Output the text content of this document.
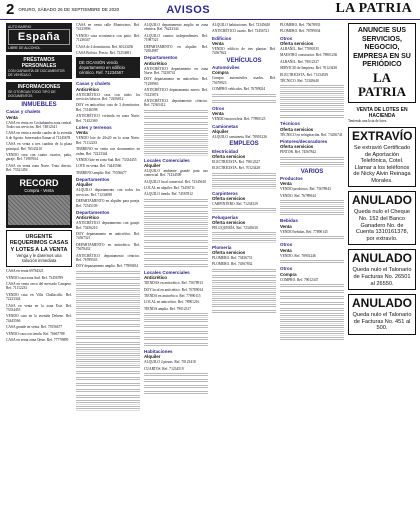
2 ORURO, SÁBADO 26 DE SEPTIEMBRE DE 2020	AVISOS	LA PATRIA
AUTO BARRIO
España
LIBRE DE ALCOHOL
PRÉSTAMOS PERSONALES
CON GARANTÍA DE DOCUMENTOS DE VEHÍCULO
INFORMACIONES
SE OTORGAN TODO TIPO DE DOCUMENTOS
INMUEBLES
Casas y chalets
Venta
CASA en venta en Cochabamba zona central. Todos sus servicios. Ref. 74812341
CASA en venta a media cuadra de la avenida 6 de Agosto. Interesados llamar al 71245678
CASA en venta a tres cuadras de la plaza principal. Ref. 76543210
VENDO casa con cuatro cuartos, patio, garaje. Ref. 71987654
CASA en venta zona Norte. Trato directo. Ref. 73321456
RECORD
Compra - Venta
URGENTE REQUERIMOS CASAS Y LOTES A LA VENTA
Venga y le daremos una solución inmediata
CASA en venta 69784321
VENDO casa zona Sud. Ref. 75456789
CASA en venta cerca del mercado Campero. Ref. 71112233
VENDO casa en Villa Challacollo. Ref. 72223344
CASA en venta en la zona Este. Ref. 73334455
VENDO casa en la avenida Dehene. Ref. 74445566
CASA grande en venta. Ref. 75556677
VENDO casa con tienda. Ref. 76667788
CASA en venta zona Oeste. Ref. 77778899
CASA en venta calle Montecinos. Ref. 74125896
VENDO casa económica con patio. Ref. 71236547
CASA de 4 dormitorios. Ref. 60123456
CASA Bolivia. Precio. Ref. 73254691
DE OCASIÓN vendo departamento en edificio céntrico. Ref. 71234567
Casas y chalets
Anticrético
ANTICRÉTICO casa con todos los servicios básicos. Ref. 72456812
DOY en anticrético casa de 3 dormitorios. Ref. 73146598
ANTICRÉTICO vivienda en zona Norte. Ref. 71452369
Lotes y terrenos
Venta
VENDO lote de 20x20 en la zona Norte. Ref. 71112233
TERRENO en venta con documentos en orden. Ref. 72223344
VENDO lote en zona Sud. Ref. 73334455
LOTE en venta. Ref. 74445566
TERRENO amplio. Ref. 75556677
Departamentos
Alquiler
ALQUILO departamento con todos los servicios. Ref. 71234098
DEPARTAMENTO en alquiler para pareja. Ref. 72345109
Departamentos
Anticrético
ANTICRÉTICO departamento con garaje. Ref. 73456210
DOY departamento en anticrético. Ref. 74567321
DEPARTAMENTO en anticrético. Ref. 75678432
ANTICRÉTICO departamento céntrico. Ref. 76789543
DOY departamento amplio. Ref. 77890654
ALQUILO departamento amplio en zona céntrica. Ref. 76223344
ALQUILO cuartos independientes. Ref. 71987321
DEPARTAMENTO en alquiler. Ref. 72654987
Departamentos
Anticrético
ANTICRÉTICO departamento en zona Norte. Ref. 73258741
DOY departamento en anticrético. Ref. 71258963
ANTICRÉTICO departamento nuevo. Ref. 74125874
ANTICRÉTICO departamento céntrico. Ref. 72365412
Locales Comerciales
Alquiler
ALQUILO ambiente grande para uso comercial. Ref. 71234509
ALQUILO local comercial. Ref. 72345610
LOCAL en alquiler. Ref. 73456711
ALQUILO tienda. Ref. 74567812
Locales Comerciales
Anticrético
TIENDAS en anticrético. Ref. 75678913
DOY local en anticrético. Ref. 76789014
TIENDA en anticrético. Ref. 77890115
LOCAL en anticrético. Ref. 78901216
TIENDA amplia. Ref. 79012317
Habitaciones
Alquiler
ALQUILO 2 piezas. Ref. 70123418
CUARTOS. Ref. 71234519
ALQUILO habitaciones. Ref. 72345620
ANTICRÉTICO cuarto. Ref. 73456721
Edificios
Venta
VENDO edificio de tres plantas. Ref. 74567822
VEHÍCULOS
Automóviles
Compra
Compro automóviles usados. Ref. 75678923
COMPRO vehículos. Ref. 76789024
Otros
Venta
VENDO motocicleta. Ref. 77890125
Camionetas
Alquiler
ALQUILO camioneta. Ref. 78901226
EMPLEOS
Electricidad
Oferta servicios
ELECTRICISTA. Ref. 79012327
ELECTRICISTA. Ref. 70123428
Carpinteros
Oferta servicios
CARPINTERO. Ref. 71234529
Peluquerías
Oferta servicios
PELUQUERÍA. Ref. 72345630
Plomería
Oferta servicios
PLOMERO. Ref. 73456731
PLOMERO. Ref. 74567832
PLOMERO. Ref. 75678933
PLOMERO. Ref. 76789034
Otros
Oferta servicios
ALBAÑIL. Ref. 77890135
MAESTRO constructor. Ref. 78901236
ALBAÑIL. Ref. 79012337
SERVICIO de limpieza. Ref. 70123438
ELECTRICISTA. Ref. 71234539
TÉCNICO. Ref. 72345640
Técnicos
Oferta servicios
TÉCNICO en refrigeración. Ref. 73456741
Pintores/decoradores
Oferta servicios
PINTOR. Ref. 74567842
VARIOS
Productos
Venta
VENDO productos. Ref. 75678943
VENDO. Ref. 76789044
Bebidas
Venta
VENDO bebidas. Ref. 77890145
Otros
Venta
VENDO. Ref. 78901246
Otros
Compra
COMPRO. Ref. 79012347
ANUNCIE SUS SERVICIOS, NEGOCIO, EMPRESA EN SU PERIÓDICO
LA PATRIA
VENTA DE LOTES EN HACIENDA
Teniendo una lista de lotes.
EXTRAVÍO
Se extravió Certificado de Aportación Telefónica, Cotel. Llamar a los teléfonos de Nicky Alvin Reinaga Morales.
ANULADO
Queda nulo el Cheque No. 152 del Banco Ganadero No. de Cuenta 1310161378, por extravío.
ANULADO
Queda nulo el Talonario de Facturas No. 26501 al 26550.
ANULADO
Queda nulo el Talonario de Facturas No. 451 al 500.
